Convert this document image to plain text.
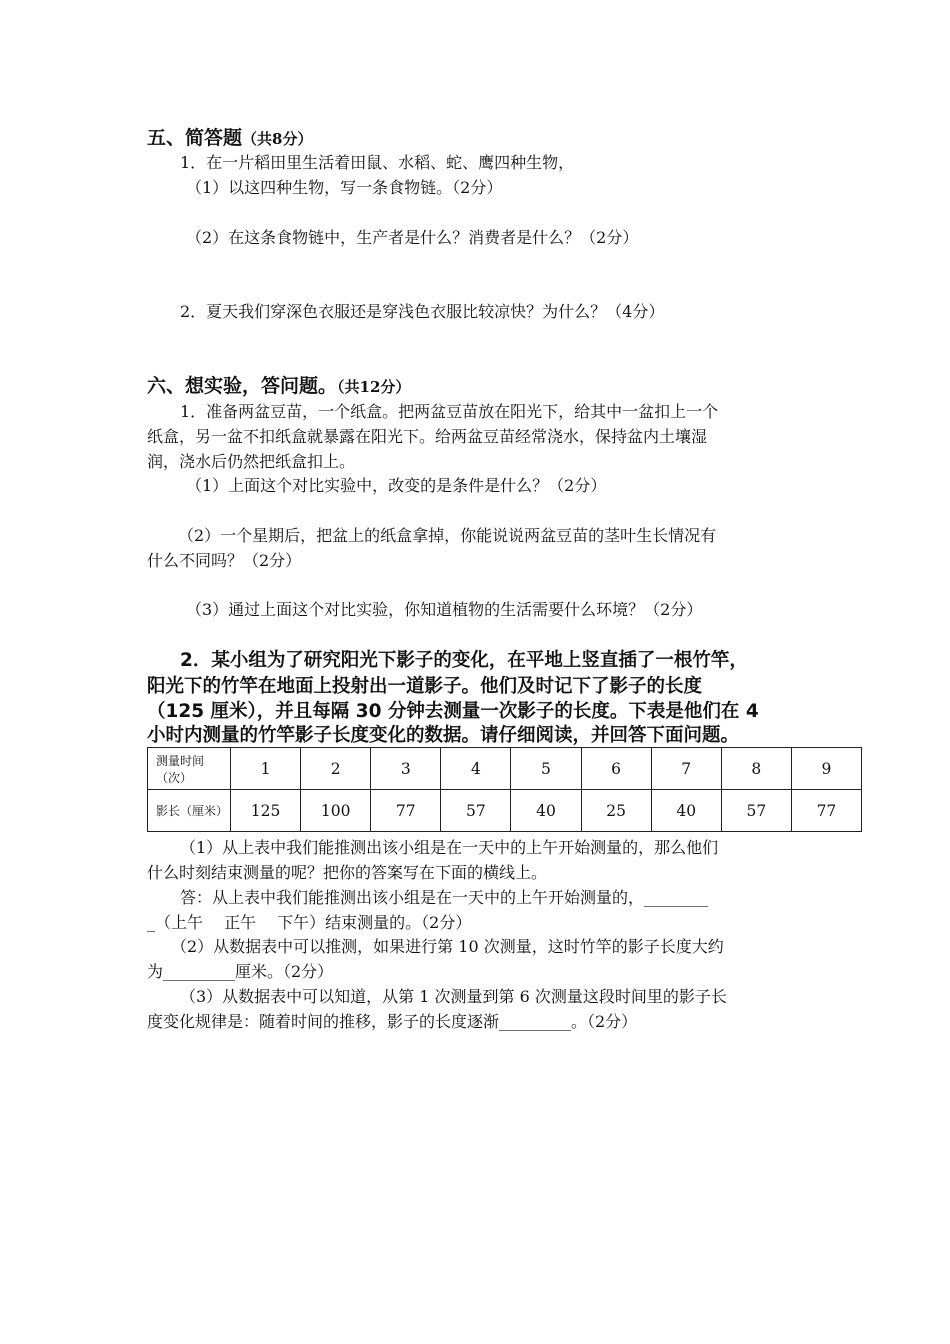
五、简答题（共8分）
1．在一片稻田里生活着田鼠、水稻、蛇、鹰四种生物，
（1）以这四种生物，写一条食物链。（2分）
（2）在这条食物链中，生产者是什么？消费者是什么？（2分）
2．夏天我们穿深色衣服还是穿浅色衣服比较凉快？为什么？（4分）
六、想实验，答问题。（共12分）
1．准备两盆豆苗，一个纸盒。把两盆豆苗放在阳光下，给其中一盆扣上一个
纸盒，另一盆不扣纸盒就暴露在阳光下。给两盆豆苗经常浇水，保持盆内土壤湿
润，浇水后仍然把纸盒扣上。
（1）上面这个对比实验中，改变的是条件是什么？（2分）
（2）一个星期后，把盆上的纸盒拿掉，你能说说两盆豆苗的茎叶生长情况有
什么不同吗？（2分）
（3）通过上面这个对比实验，你知道植物的生活需要什么环境？（2分）
2．某小组为了研究阳光下影子的变化，在平地上竖直插了一根竹竿，
阳光下的竹竿在地面上投射出一道影子。他们及时记下了影子的长度
（125 厘米），并且每隔 30 分钟去测量一次影子的长度。下表是他们在 4
小时内测量的竹竿影子长度变化的数据。请仔细阅读，并回答下面问题。
测量时间（次）	1	2	3	4	5	6	7	8	9
影长（厘米）	125	100	77	57	40	25	40	57	77
（1）从上表中我们能推测出该小组是在一天中的上午开始测量的，那么他们
什么时刻结束测量的呢？把你的答案写在下面的横线上。
答：从上表中我们能推测出该小组是在一天中的上午开始测量的，________
_（上午　 正午　 下午）结束测量的。（2分）
（2）从数据表中可以推测，如果进行第 10 次测量，这时竹竿的影子长度大约
为_________厘米。（2分）
（3）从数据表中可以知道，从第 1 次测量到第 6 次测量这段时间里的影子长
度变化规律是：随着时间的推移，影子的长度逐渐_________。（2分）
